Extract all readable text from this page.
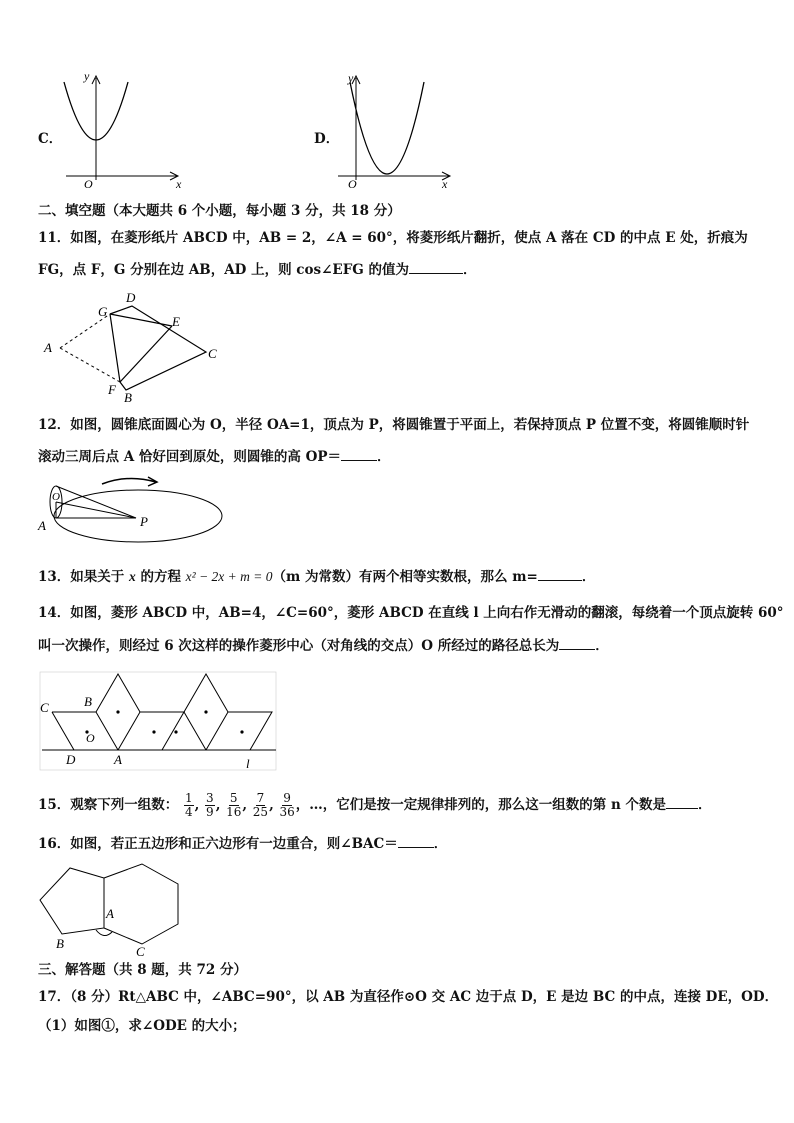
C．
y
x
O
D．
y
x
O
二、填空题（本大题共 6 个小题，每小题 3 分，共 18 分）
11．如图，在菱形纸片 ABCD 中，AB = 2，∠A = 60°，将菱形纸片翻折，使点 A 落在 CD 的中点 E 处，折痕为
FG，点 F，G 分别在边 AB，AD 上，则 cos∠EFG 的值为	．
A
D
G
E
C
F
B
12．如图，圆锥底面圆心为 O，半径 OA=1，顶点为 P，将圆锥置于平面上，若保持顶点 P 位置不变，将圆锥顺时针
滚动三周后点 A 恰好回到原处，则圆锥的高 OP＝	．
O
A	P
13．如果关于 x 的方程 x² − 2x + m = 0（m 为常数）有两个相等实数根，那么 m=	．
14．如图，菱形 ABCD 中，AB=4，∠C=60°，菱形 ABCD 在直线 l 上向右作无滑动的翻滚，每绕着一个顶点旋转 60°
叫一次操作，则经过 6 次这样的操作菱形中心（对角线的交点）O 所经过的路径总长为	．
C	B
O
D	A	l
15．观察下列一组数： $\frac{1}{4}$ , $\frac{3}{9}$ , $\frac{5}{16}$ , $\frac{7}{25}$ , $\frac{9}{36}$ ，…，它们是按一定规律排列的，那么这一组数的第 n 个数是 ．
16．如图，若正五边形和正六边形有一边重合，则∠BAC＝	．
A
B
C
三、解答题（共 8 题，共 72 分）
17．（8 分）Rt△ABC 中，∠ABC=90°，以 AB 为直径作⊙O 交 AC 边于点 D，E 是边 BC 的中点，连接 DE，OD．
（1）如图①，求∠ODE 的大小；
